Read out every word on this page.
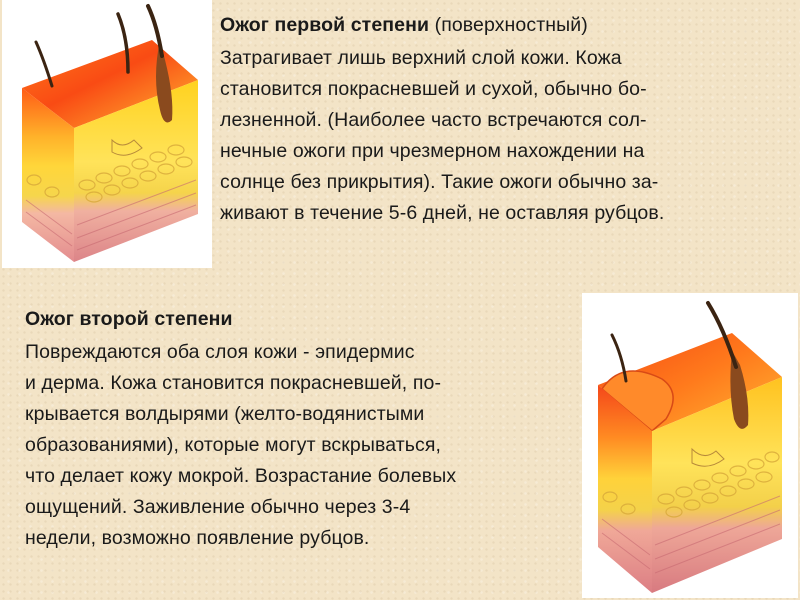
Ожог первой степени (поверхностный)

Затрагивает лишь верхний слой кожи. Кожа

становится покрасневшей и сухой, обычно бо-

лезненной. (Наиболее часто встречаются сол-

нечные ожоги при чрезмерном нахождении на

солнце без прикрытия). Такие ожоги обычно за-

живают в течение 5-6 дней, не оставляя рубцов.

Ожог второй степени

Повреждаются оба слоя кожи - эпидермис

и дерма. Кожа становится покрасневшей, по-

крывается волдырями (желто-водянистыми

образованиями), которые могут вскрываться,

что делает кожу мокрой. Возрастание болевых

ощущений. Заживление обычно через 3-4

недели, возможно появление рубцов.
